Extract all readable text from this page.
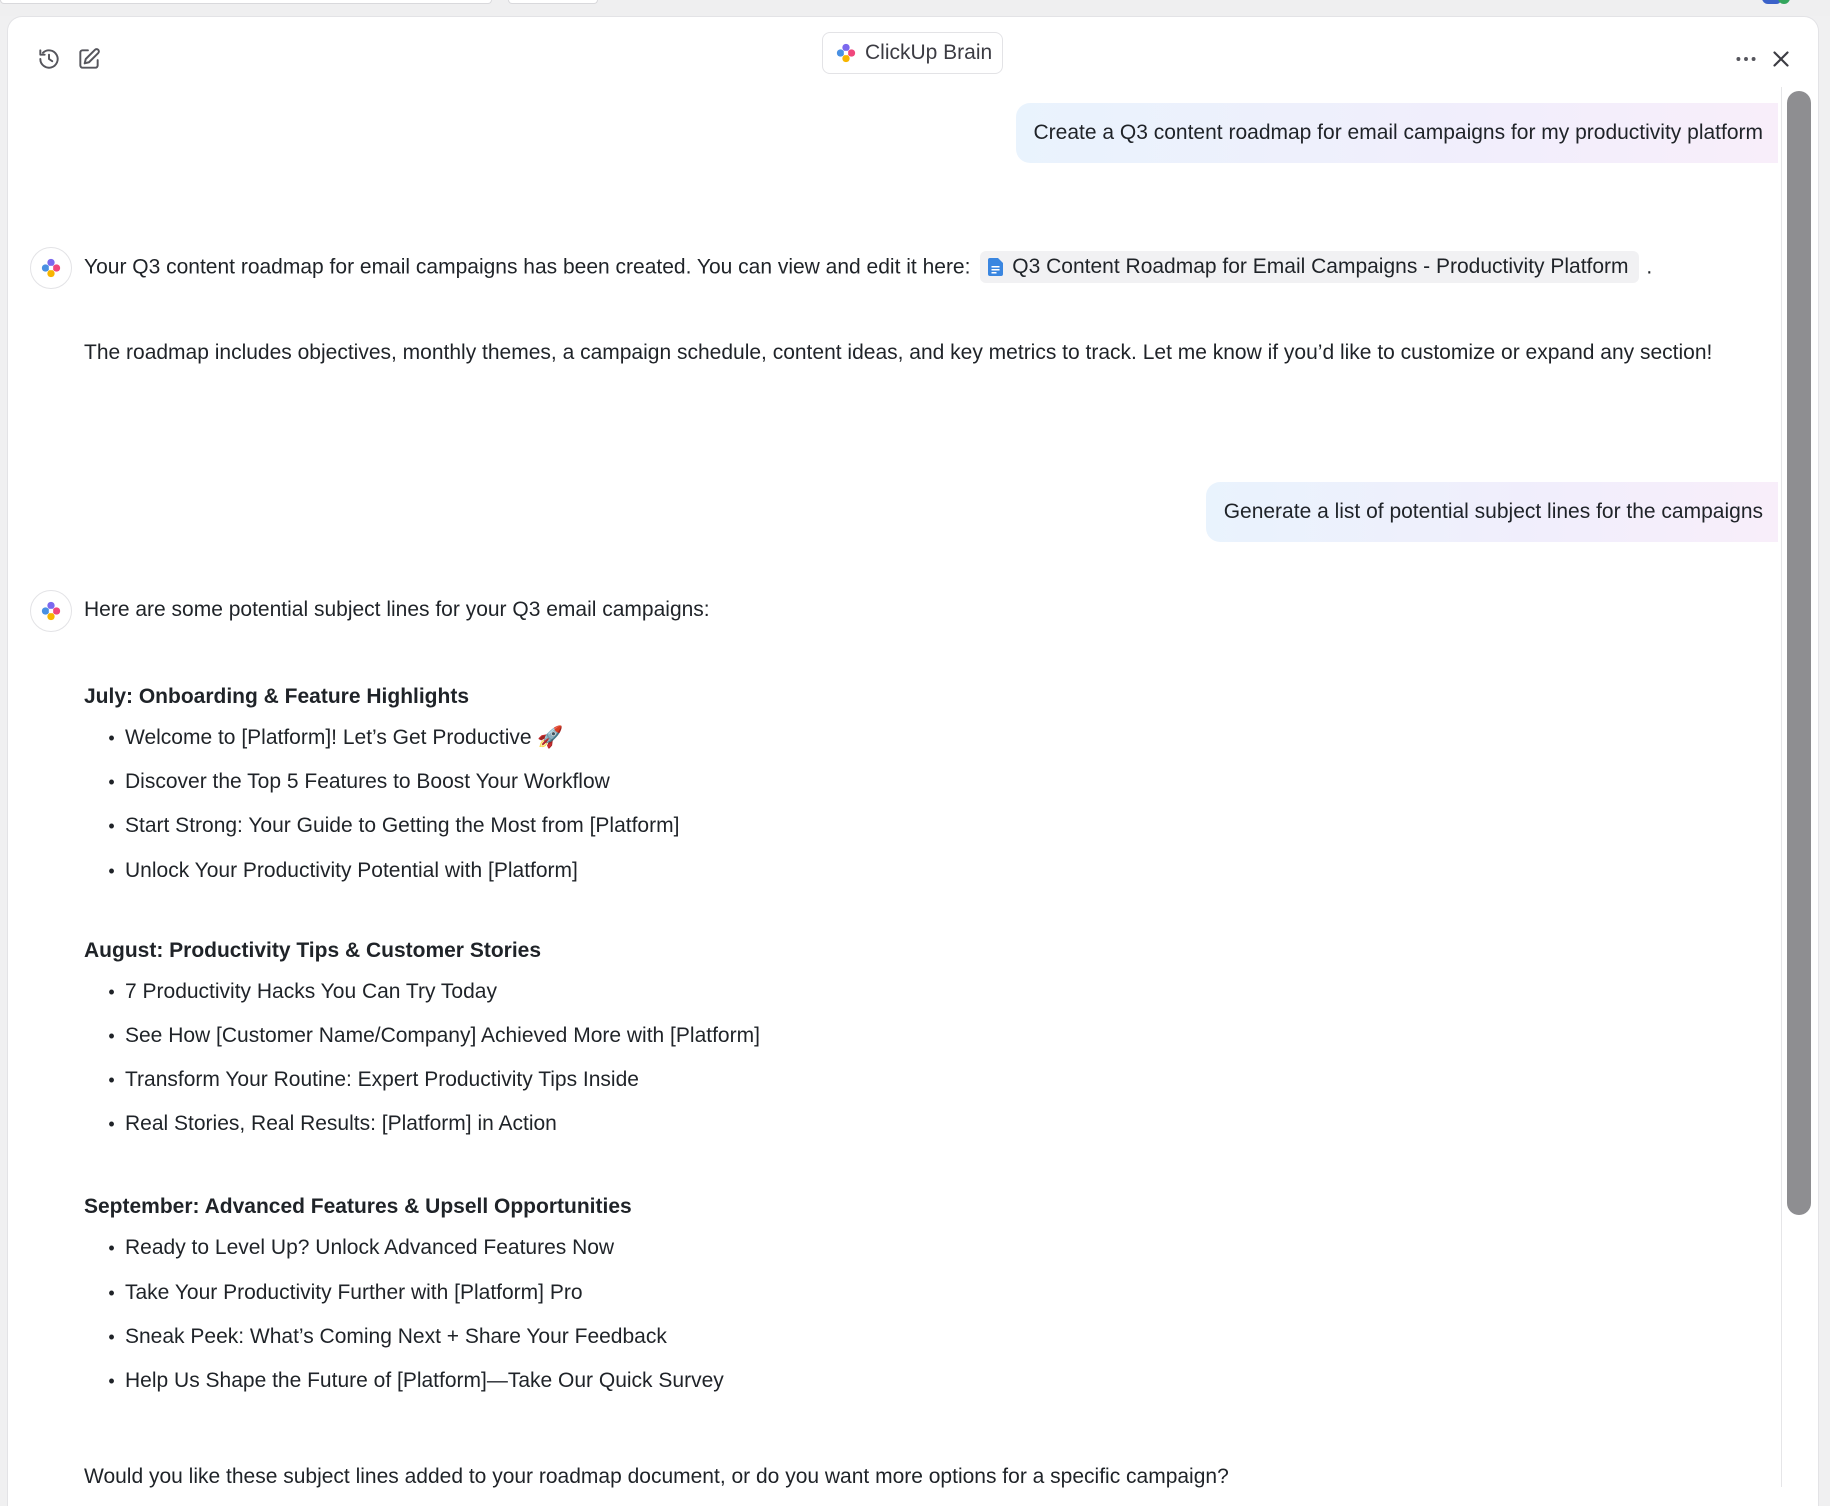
ClickUp Brain
Create a Q3 content roadmap for email campaigns for my productivity platform
Your Q3 content roadmap for email campaigns has been created. You can view and edit it here: Q3 Content Roadmap for Email Campaigns - Productivity Platform .
The roadmap includes objectives, monthly themes, a campaign schedule, content ideas, and key metrics to track. Let me know if you’d like to customize or expand any section!
Generate a list of potential subject lines for the campaigns
Here are some potential subject lines for your Q3 email campaigns:
July: Onboarding & Feature Highlights
• Welcome to [Platform]! Let’s Get Productive 🚀
• Discover the Top 5 Features to Boost Your Workflow
• Start Strong: Your Guide to Getting the Most from [Platform]
• Unlock Your Productivity Potential with [Platform]
August: Productivity Tips & Customer Stories
• 7 Productivity Hacks You Can Try Today
• See How [Customer Name/Company] Achieved More with [Platform]
• Transform Your Routine: Expert Productivity Tips Inside
• Real Stories, Real Results: [Platform] in Action
September: Advanced Features & Upsell Opportunities
• Ready to Level Up? Unlock Advanced Features Now
• Take Your Productivity Further with [Platform] Pro
• Sneak Peek: What’s Coming Next + Share Your Feedback
• Help Us Shape the Future of [Platform]—Take Our Quick Survey
Would you like these subject lines added to your roadmap document, or do you want more options for a specific campaign?
